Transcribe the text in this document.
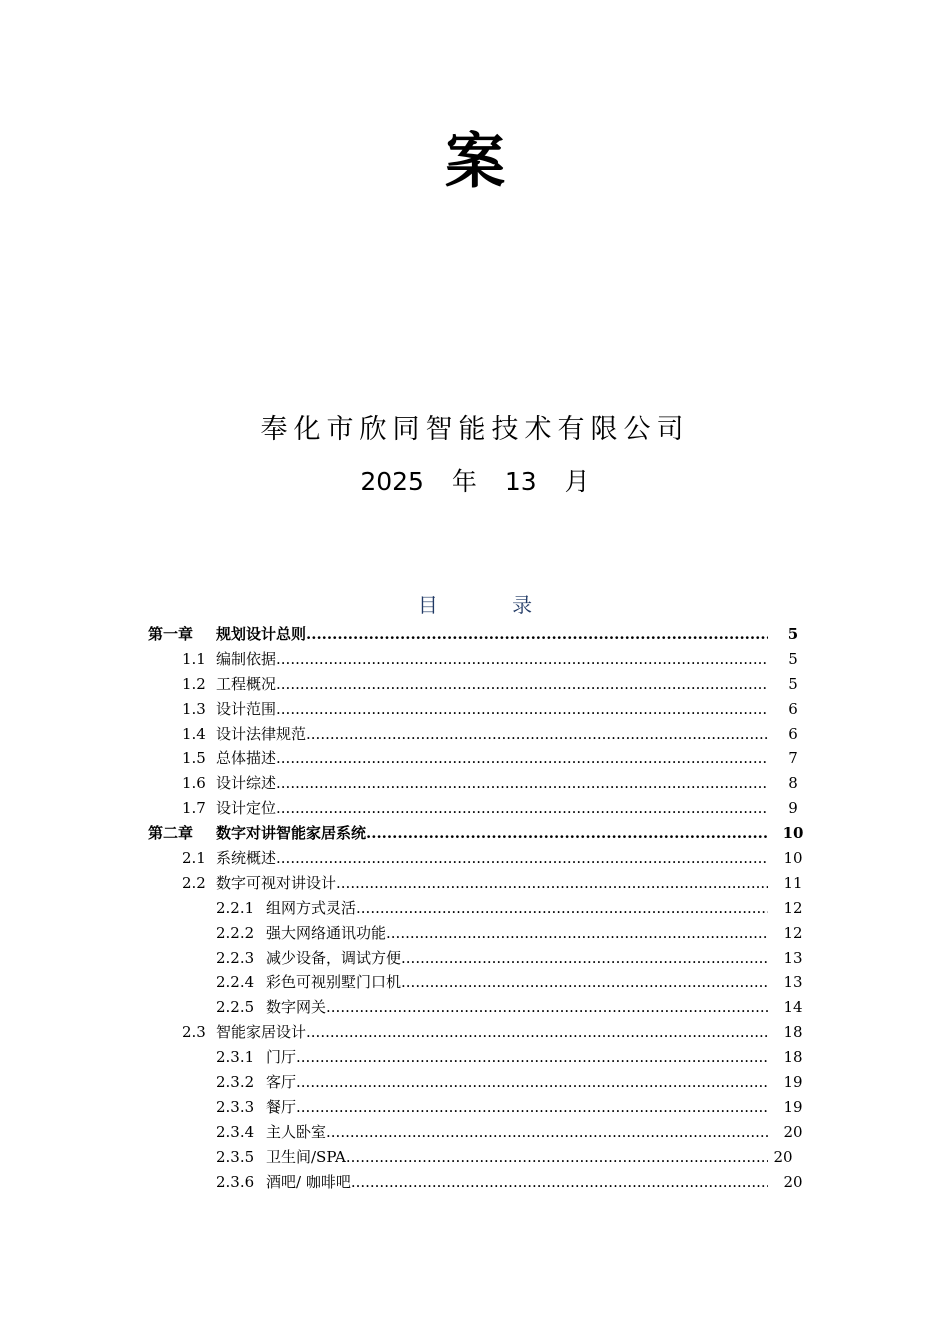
案
奉化市欣同智能技术有限公司
2025 年 13 月
目	录
第一章 规划设计总则 .....	5
1.1 编制依据 .....	5
1.2 工程概况 .....	5
1.3 设计范围 .....	6
1.4 设计法律规范 .....	6
1.5 总体描述 .....	7
1.6 设计综述 .....	8
1.7 设计定位 .....	9
第二章 数字对讲智能家居系统 .....	10
2.1 系统概述 .....	10
2.2 数字可视对讲设计 .....	11
2.2.1 组网方式灵活 .....	12
2.2.2 强大网络通讯功能 .....	12
2.2.3 减少设备，调试方便 .....	13
2.2.4 彩色可视别墅门口机 .....	13
2.2.5 数字网关 .....	14
2.3 智能家居设计 .....	18
2.3.1 门厅 .....	18
2.3.2 客厅 .....	19
2.3.3 餐厅 .....	19
2.3.4 主人卧室 .....	20
2.3.5 卫生间/SPA .....	20
2.3.6 酒吧/ 咖啡吧 .....	20
